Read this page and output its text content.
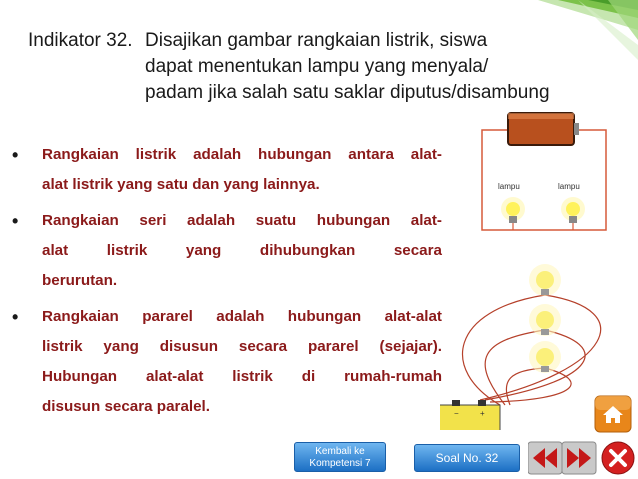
Indikator 32. Disajikan gambar rangkaian listrik, siswa
dapat menentukan lampu yang menyala/
padam jika salah satu saklar diputus/disambung
• Rangkaian listrik adalah hubungan antara alat-
alat listrik yang satu dan yang lainnya.
• Rangkaian seri adalah suatu hubungan alat-
alat listrik yang dihubungkan secara
berurutan.
• Rangkaian pararel adalah hubungan alat-alat
listrik yang disusun secara pararel (sejajar).
Hubungan alat-alat listrik di rumah-rumah
disusun secara paralel.
lampu	lampu
−	+
Kembali ke
Kompetensi 7	Soal No. 32
